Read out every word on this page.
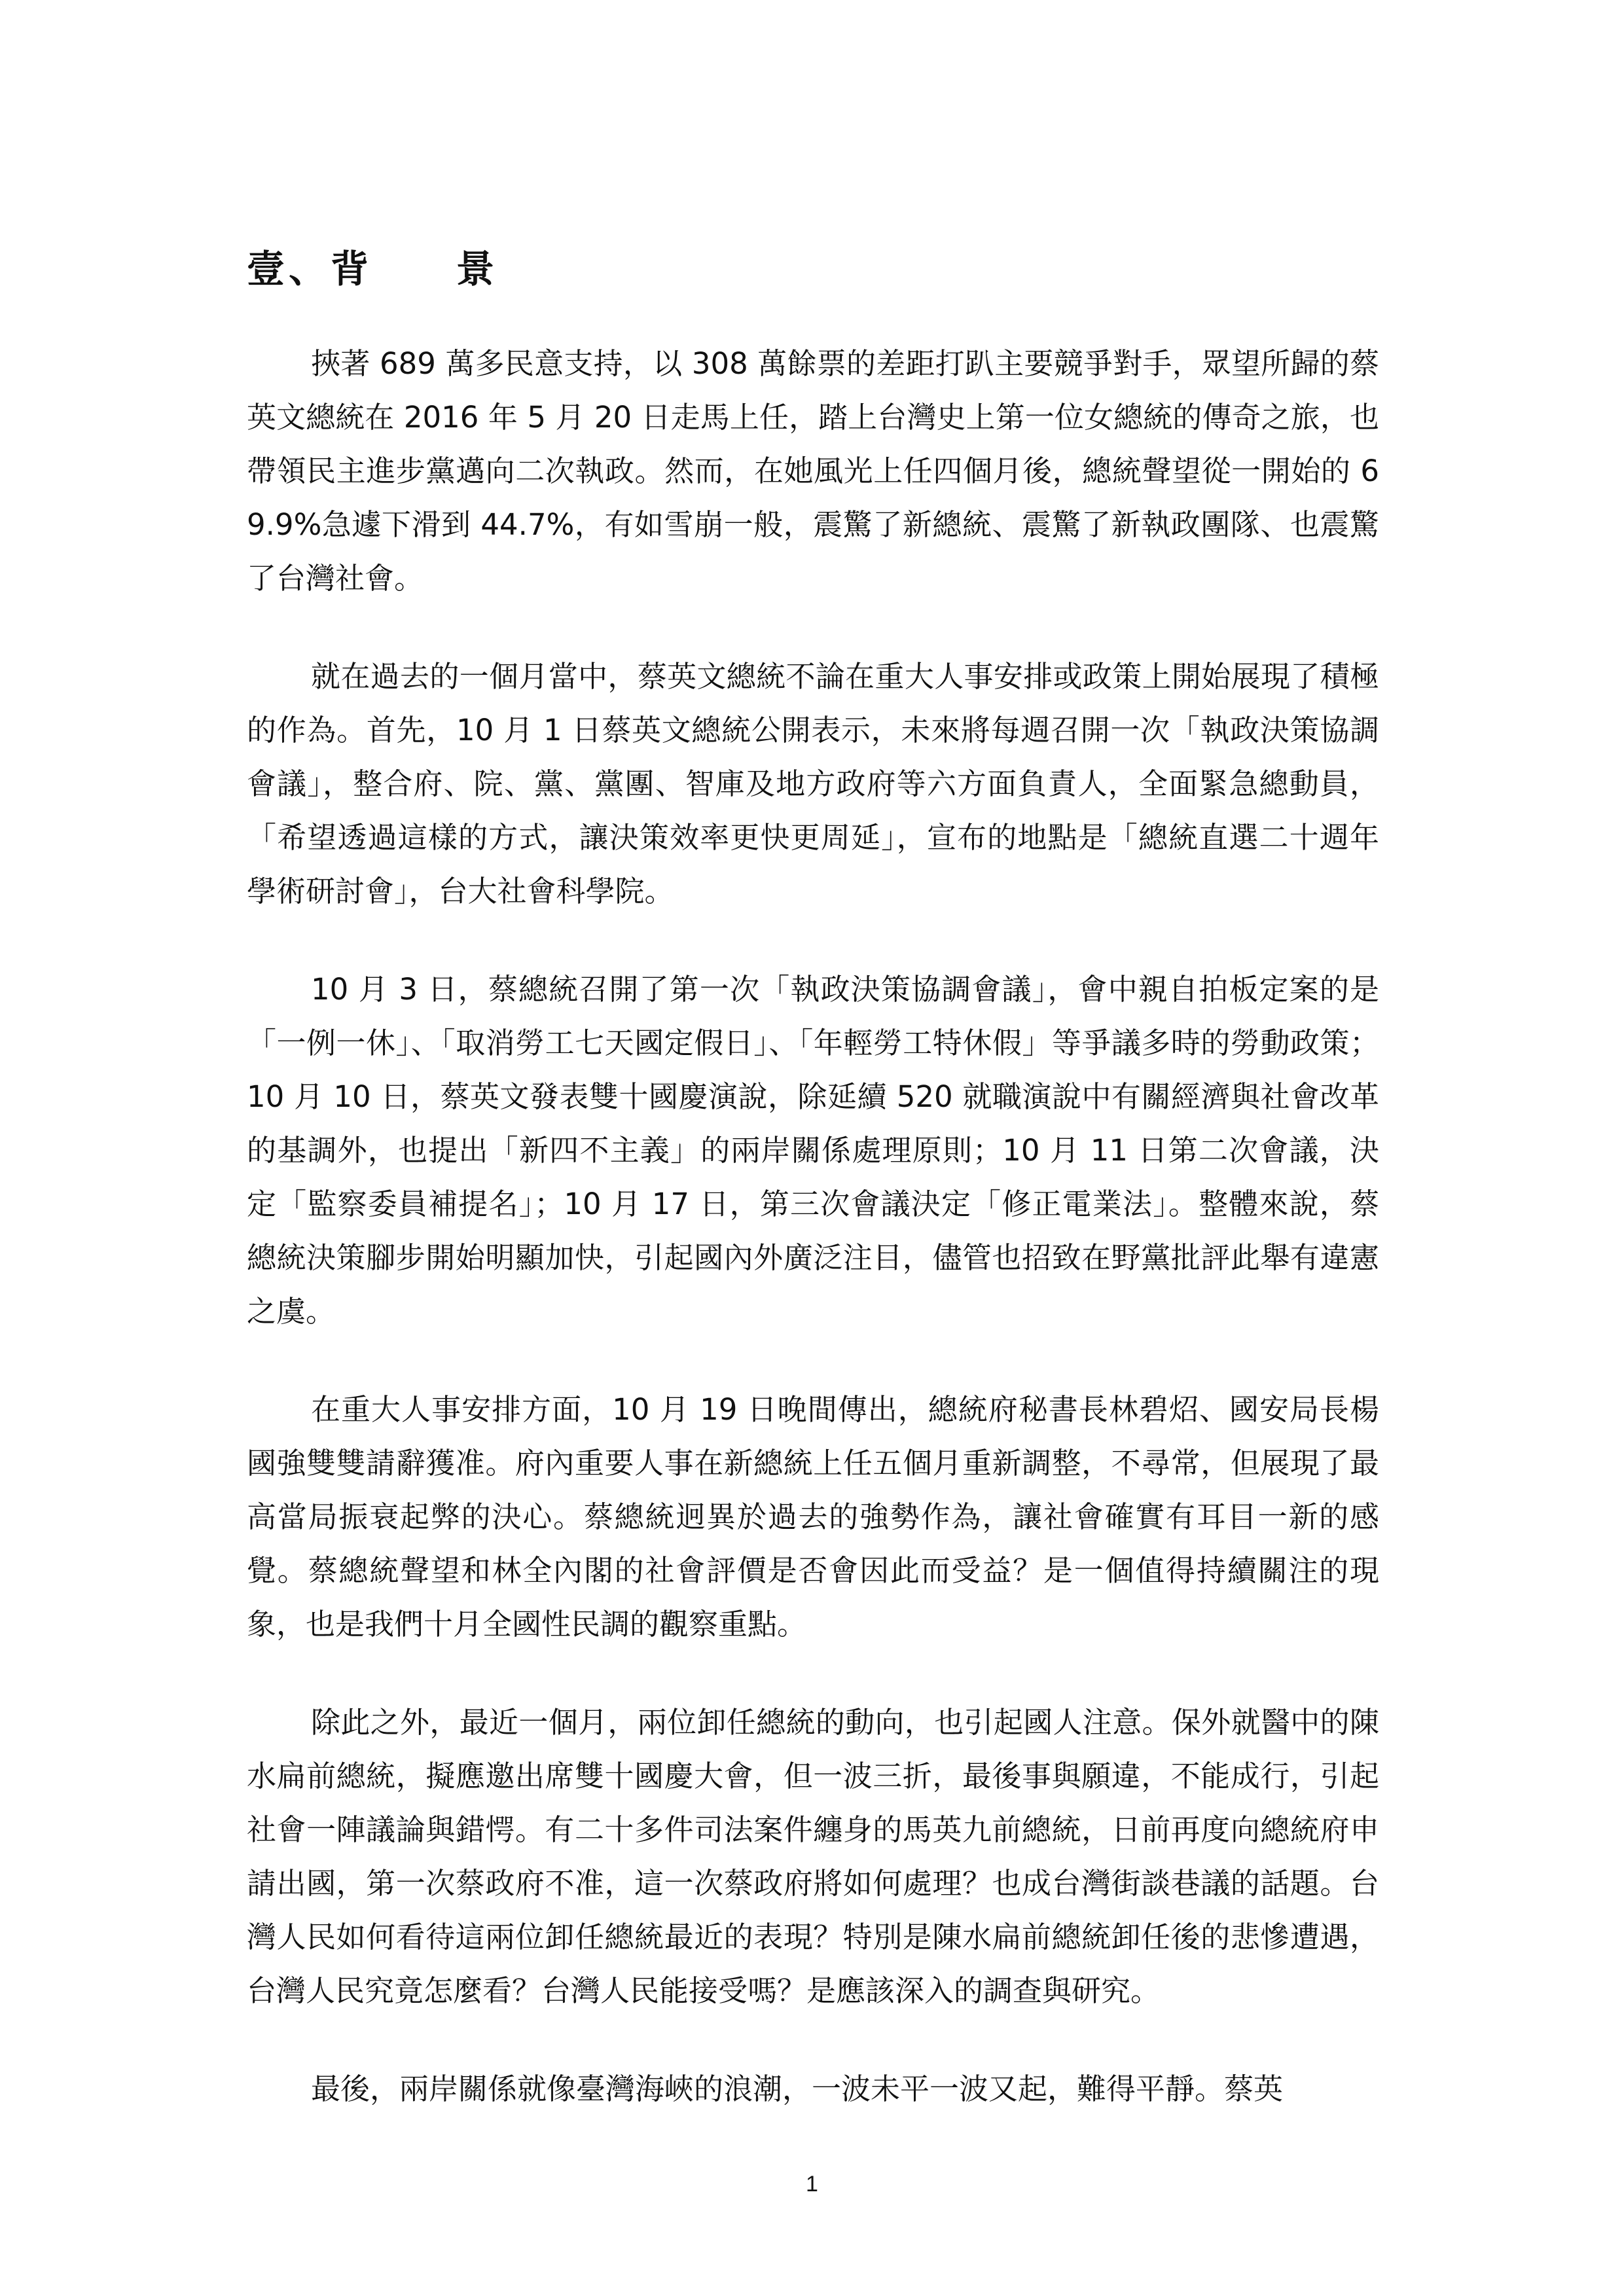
壹、背　　景

挾著 689 萬多民意支持，以 308 萬餘票的差距打趴主要競爭對手，眾望所歸的蔡英文總統在 2016 年 5 月 20 日走馬上任，踏上台灣史上第一位女總統的傳奇之旅，也帶領民主進步黨邁向二次執政。然而，在她風光上任四個月後，總統聲望從一開始的 69.9%急遽下滑到 44.7%，有如雪崩一般，震驚了新總統、震驚了新執政團隊、也震驚了台灣社會。

就在過去的一個月當中，蔡英文總統不論在重大人事安排或政策上開始展現了積極的作為。首先，10 月 1 日蔡英文總統公開表示，未來將每週召開一次「執政決策協調會議」，整合府、院、黨、黨團、智庫及地方政府等六方面負責人，全面緊急總動員，「希望透過這樣的方式，讓決策效率更快更周延」，宣布的地點是「總統直選二十週年學術研討會」，台大社會科學院。

10 月 3 日，蔡總統召開了第一次「執政決策協調會議」，會中親自拍板定案的是「一例一休」、「取消勞工七天國定假日」、「年輕勞工特休假」等爭議多時的勞動政策；10 月 10 日，蔡英文發表雙十國慶演說，除延續 520 就職演說中有關經濟與社會改革的基調外，也提出「新四不主義」的兩岸關係處理原則；10 月 11 日第二次會議，決定「監察委員補提名」；10 月 17 日，第三次會議決定「修正電業法」。整體來說，蔡總統決策腳步開始明顯加快，引起國內外廣泛注目，儘管也招致在野黨批評此舉有違憲之虞。

在重大人事安排方面，10 月 19 日晚間傳出，總統府秘書長林碧炤、國安局長楊國強雙雙請辭獲准。府內重要人事在新總統上任五個月重新調整，不尋常，但展現了最高當局振衰起弊的決心。蔡總統迥異於過去的強勢作為，讓社會確實有耳目一新的感覺。蔡總統聲望和林全內閣的社會評價是否會因此而受益？是一個值得持續關注的現象，也是我們十月全國性民調的觀察重點。

除此之外，最近一個月，兩位卸任總統的動向，也引起國人注意。保外就醫中的陳水扁前總統，擬應邀出席雙十國慶大會，但一波三折，最後事與願違，不能成行，引起社會一陣議論與錯愕。有二十多件司法案件纏身的馬英九前總統，日前再度向總統府申請出國，第一次蔡政府不准，這一次蔡政府將如何處理？也成台灣街談巷議的話題。台灣人民如何看待這兩位卸任總統最近的表現？特別是陳水扁前總統卸任後的悲慘遭遇，台灣人民究竟怎麼看？台灣人民能接受嗎？是應該深入的調查與研究。

最後，兩岸關係就像臺灣海峽的浪潮，一波未平一波又起，難得平靜。蔡英

1
